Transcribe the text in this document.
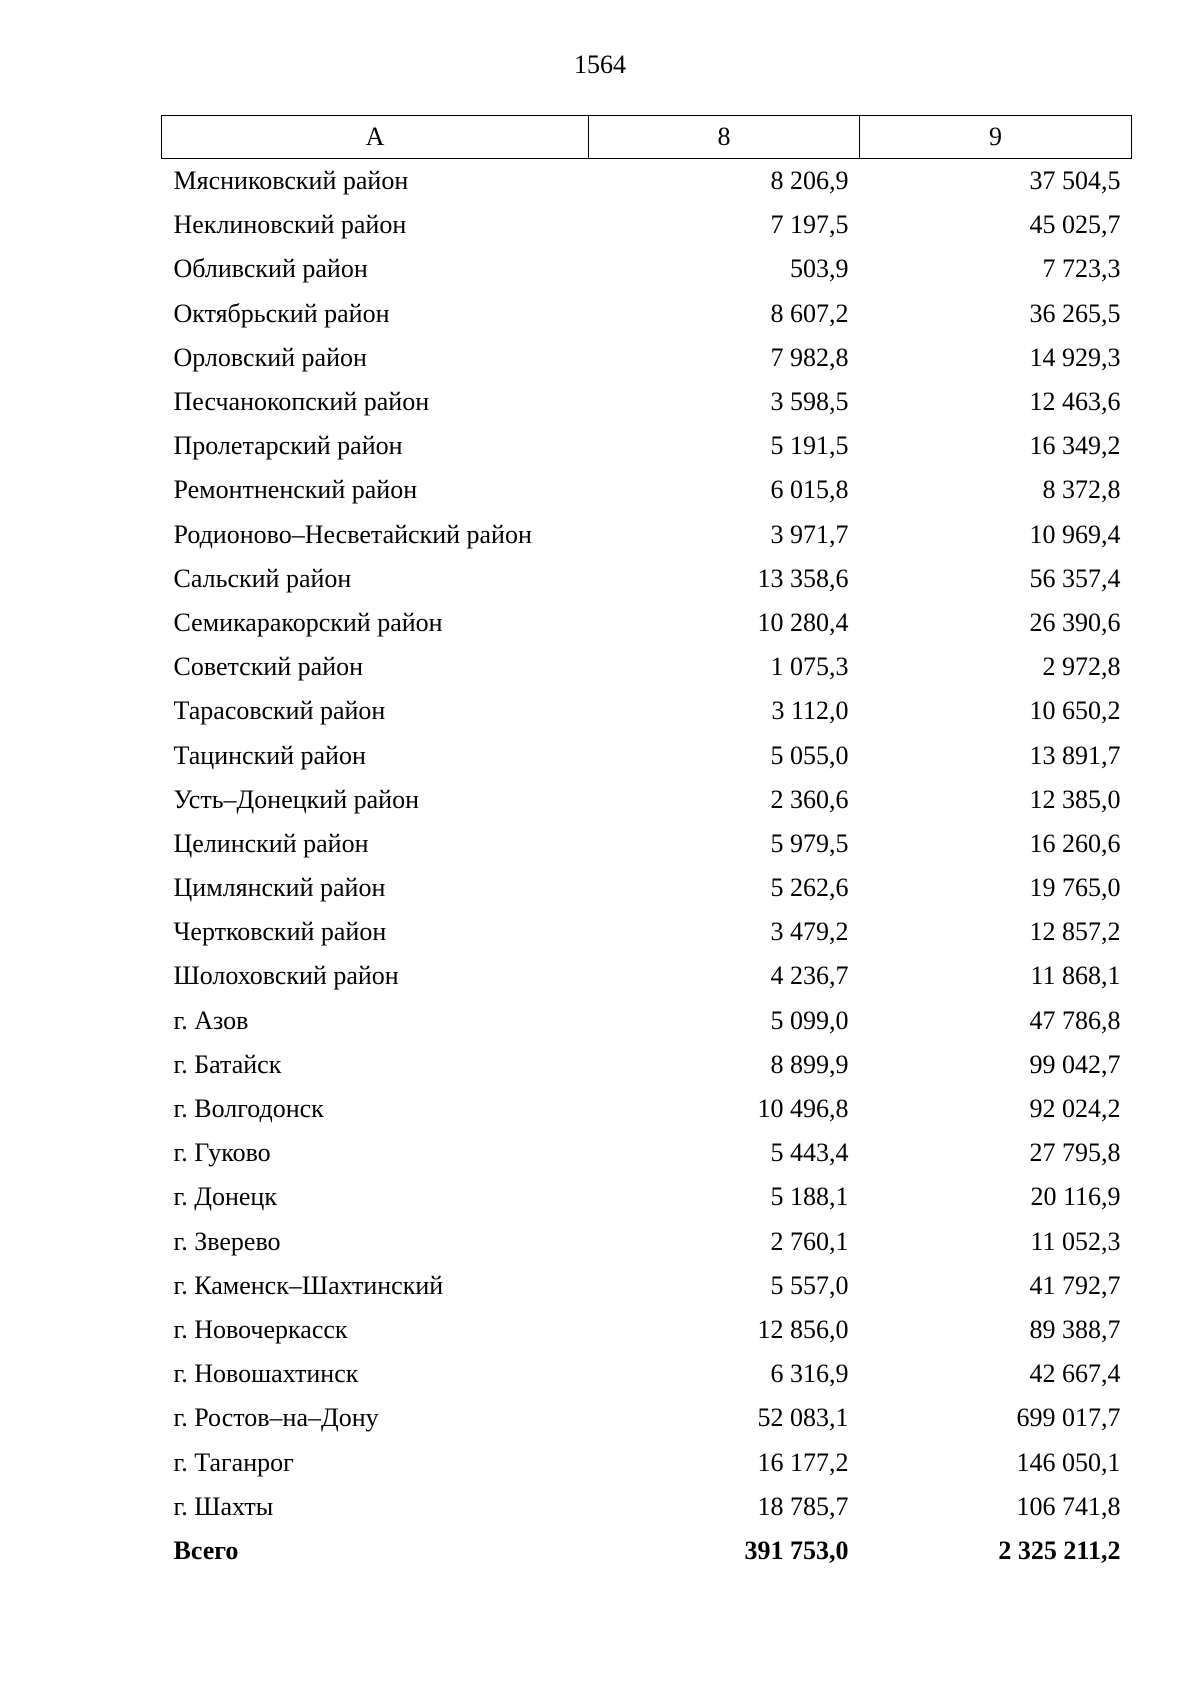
1564
А	8	9
Мясниковский район	8 206,9	37 504,5
Неклиновский район	7 197,5	45 025,7
Обливский район	503,9	7 723,3
Октябрьский район	8 607,2	36 265,5
Орловский район	7 982,8	14 929,3
Песчанокопский район	3 598,5	12 463,6
Пролетарский район	5 191,5	16 349,2
Ремонтненский район	6 015,8	8 372,8
Родионово–Несветайский район	3 971,7	10 969,4
Сальский район	13 358,6	56 357,4
Семикаракорский район	10 280,4	26 390,6
Советский район	1 075,3	2 972,8
Тарасовский район	3 112,0	10 650,2
Тацинский район	5 055,0	13 891,7
Усть–Донецкий район	2 360,6	12 385,0
Целинский район	5 979,5	16 260,6
Цимлянский район	5 262,6	19 765,0
Чертковский район	3 479,2	12 857,2
Шолоховский район	4 236,7	11 868,1
г. Азов	5 099,0	47 786,8
г. Батайск	8 899,9	99 042,7
г. Волгодонск	10 496,8	92 024,2
г. Гуково	5 443,4	27 795,8
г. Донецк	5 188,1	20 116,9
г. Зверево	2 760,1	11 052,3
г. Каменск–Шахтинский	5 557,0	41 792,7
г. Новочеркасск	12 856,0	89 388,7
г. Новошахтинск	6 316,9	42 667,4
г. Ростов–на–Дону	52 083,1	699 017,7
г. Таганрог	16 177,2	146 050,1
г. Шахты	18 785,7	106 741,8
Всего	391 753,0	2 325 211,2
